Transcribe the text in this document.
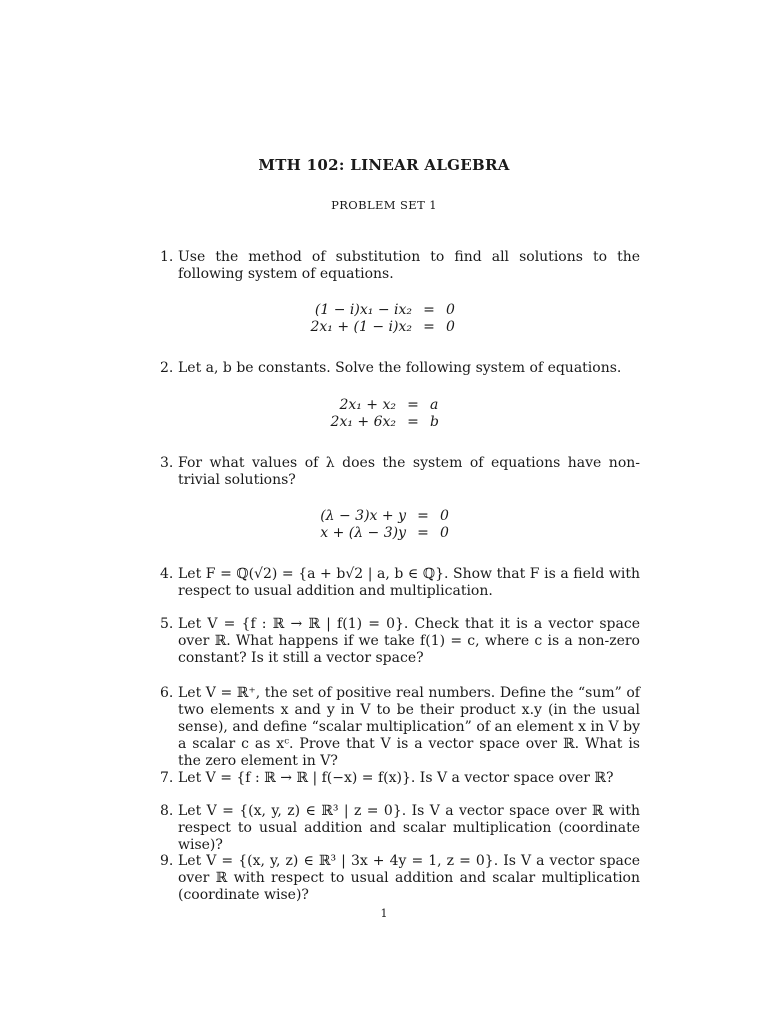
MTH 102: LINEAR ALGEBRA
PROBLEM SET 1
1. Use the method of substitution to find all solutions to the following system of equations.
(1 − i)x₁ − ix₂ = 0
2x₁ + (1 − i)x₂ = 0
2. Let a, b be constants. Solve the following system of equations.
2x₁ + x₂ = a
2x₁ + 6x₂ = b
3. For what values of λ does the system of equations have non-trivial solutions?
(λ − 3)x + y = 0
x + (λ − 3)y = 0
4. Let F = ℚ(√2) = {a + b√2 | a, b ∈ ℚ}. Show that F is a field with respect to usual addition and multiplication.
5. Let V = {f : ℝ → ℝ | f(1) = 0}. Check that it is a vector space over ℝ. What happens if we take f(1) = c, where c is a non-zero constant? Is it still a vector space?
6. Let V = ℝ⁺, the set of positive real numbers. Define the “sum” of two elements x and y in V to be their product x.y (in the usual sense), and define “scalar multiplication” of an element x in V by a scalar c as xᶜ. Prove that V is a vector space over ℝ. What is the zero element in V?
7. Let V = {f : ℝ → ℝ | f(−x) = f(x)}. Is V a vector space over ℝ?
8. Let V = {(x, y, z) ∈ ℝ³ | z = 0}. Is V a vector space over ℝ with respect to usual addition and scalar multiplication (coordinate wise)?
9. Let V = {(x, y, z) ∈ ℝ³ | 3x + 4y = 1, z = 0}. Is V a vector space over ℝ with respect to usual addition and scalar multiplication (coordinate wise)?
1
